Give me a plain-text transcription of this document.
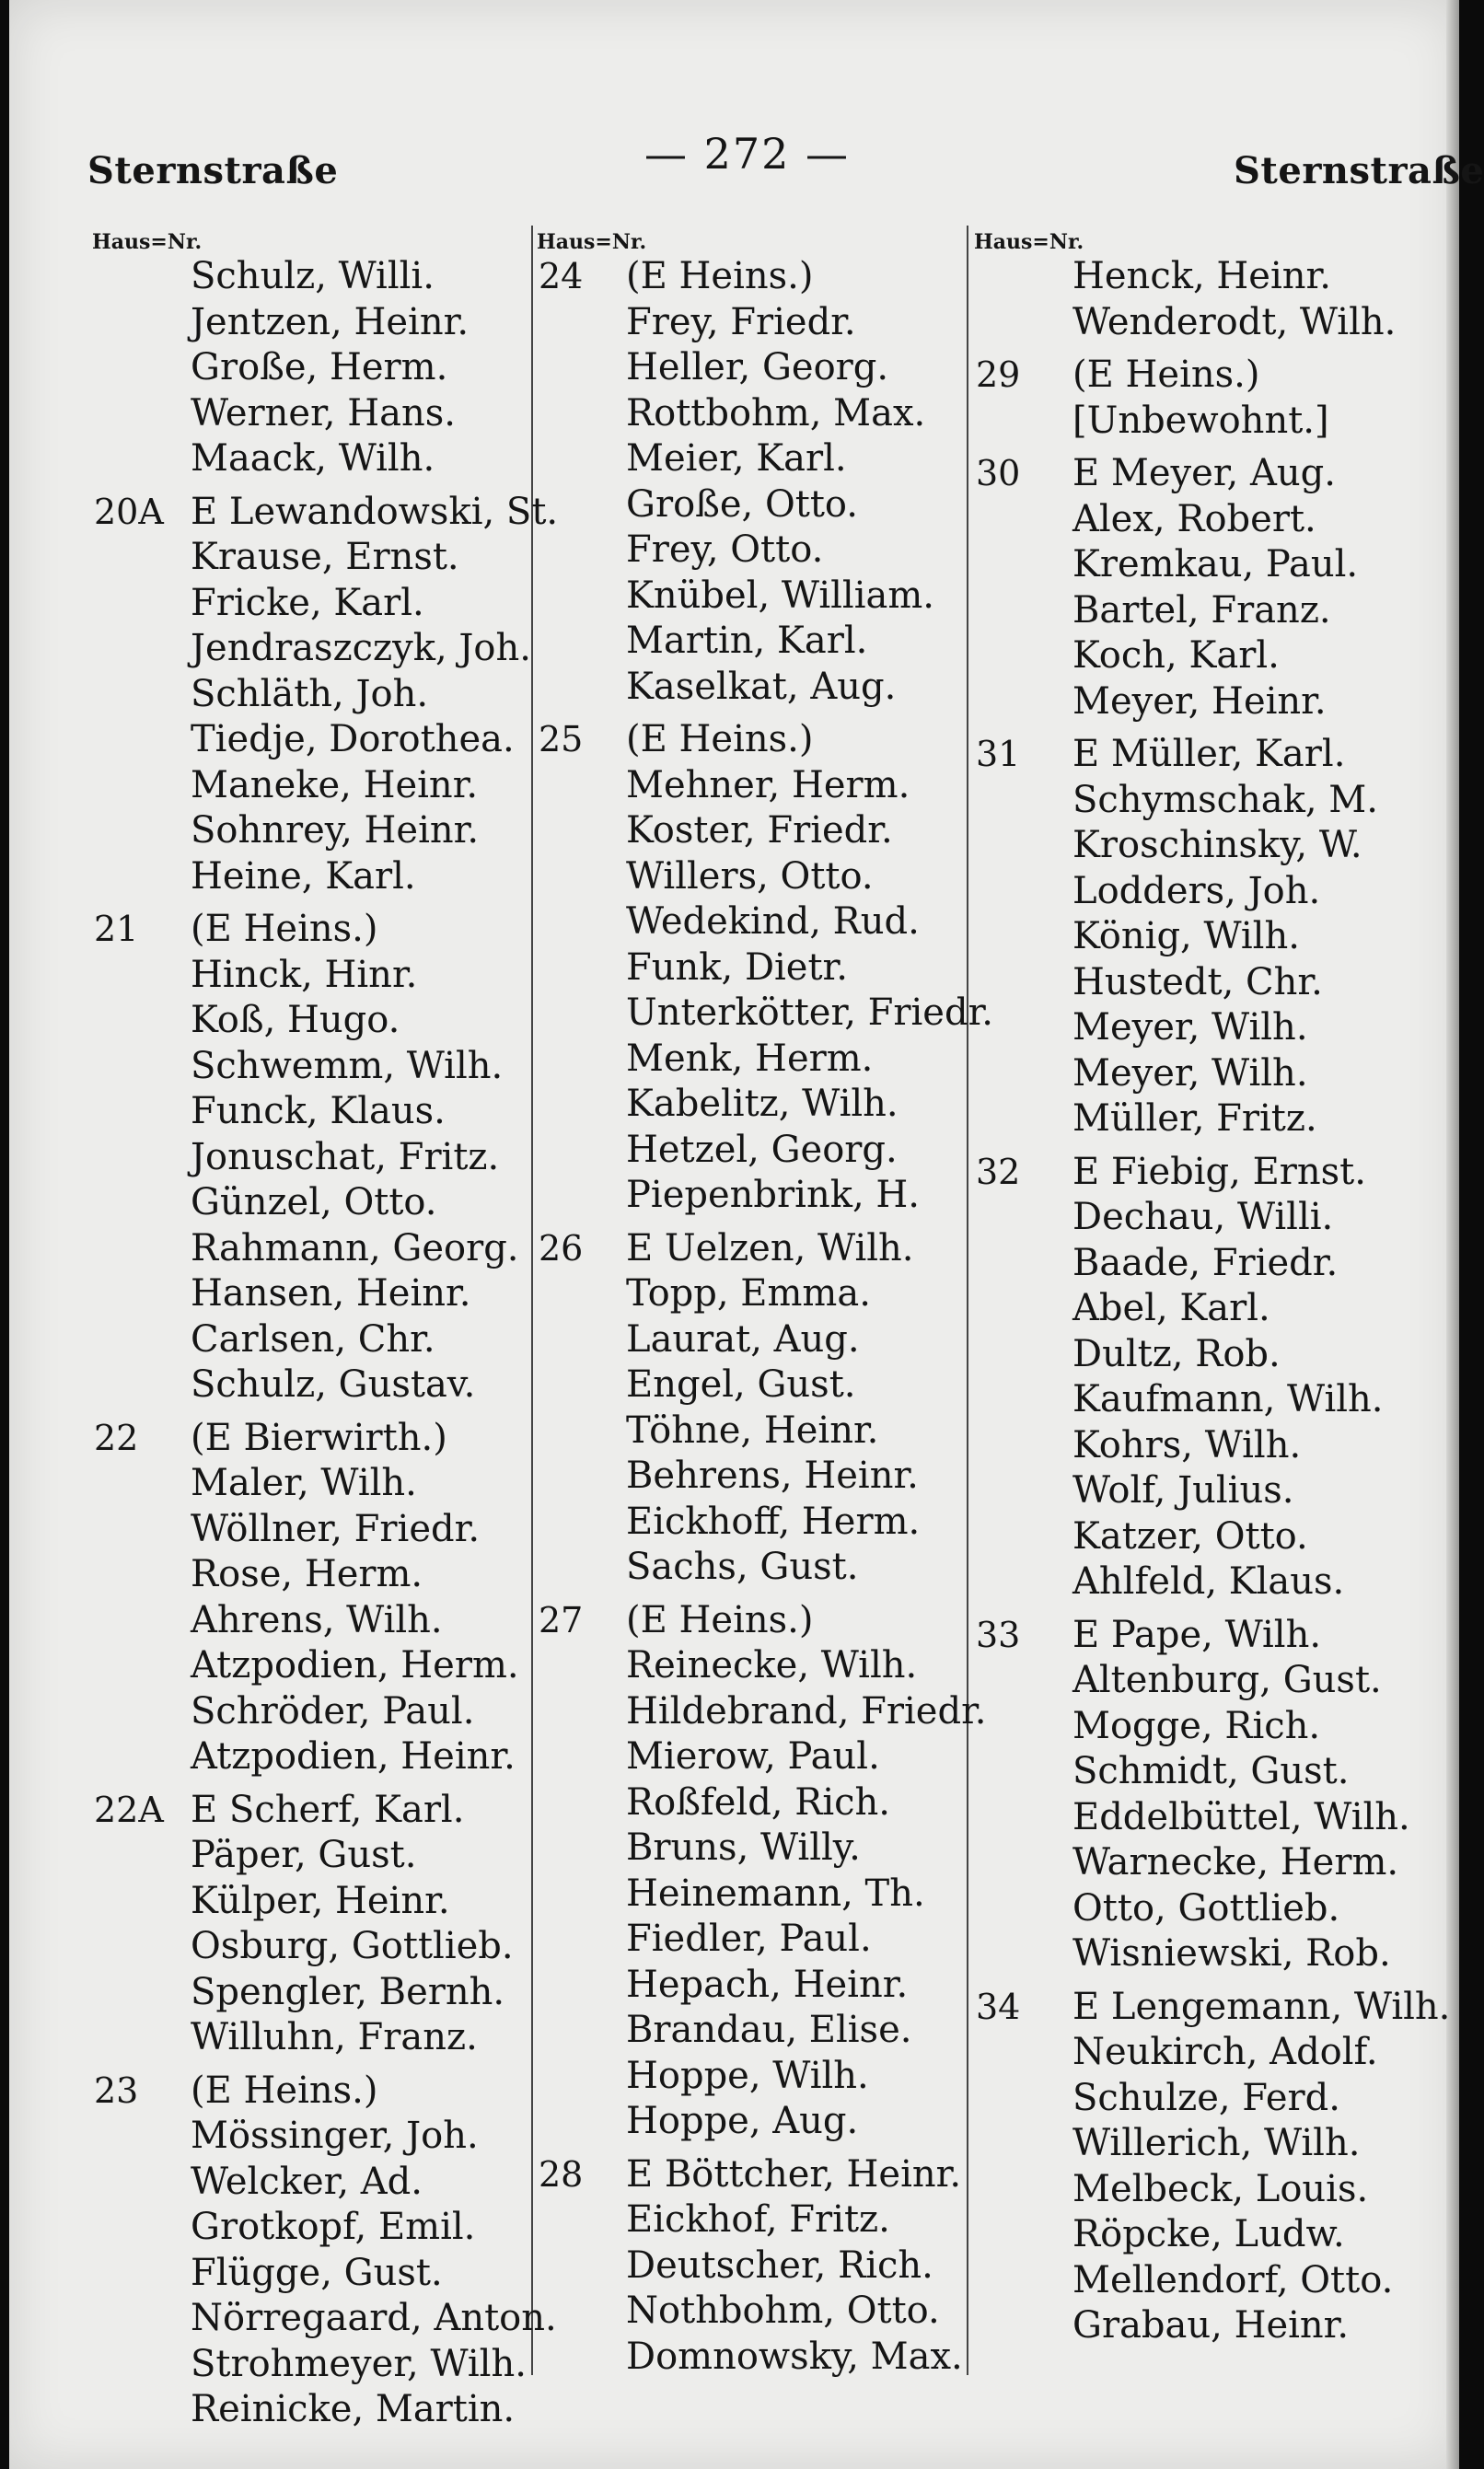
Sternstraße	— 272 —	Sternstraße
Haus=Nr.
Schulz, Willi.
Jentzen, Heinr.
Große, Herm.
Werner, Hans.
Maack, Wilh.
20A E Lewandowski, St.
Krause, Ernst.
Fricke, Karl.
Jendraszczyk, Joh.
Schläth, Joh.
Tiedje, Dorothea.
Maneke, Heinr.
Sohnrey, Heinr.
Heine, Karl.
21	(E Heins.)
Hinck, Hinr.
Koß, Hugo.
Schwemm, Wilh.
Funck, Klaus.
Jonuschat, Fritz.
Günzel, Otto.
Rahmann, Georg.
Hansen, Heinr.
Carlsen, Chr.
Schulz, Gustav.
22	(E Bierwirth.)
Maler, Wilh.
Wöllner, Friedr.
Rose, Herm.
Ahrens, Wilh.
Atzpodien, Herm.
Schröder, Paul.
Atzpodien, Heinr.
22A E Scherf, Karl.
Päper, Gust.
Külper, Heinr.
Osburg, Gottlieb.
Spengler, Bernh.
Willuhn, Franz.
23	(E Heins.)
Mössinger, Joh.
Welcker, Ad.
Grotkopf, Emil.
Flügge, Gust.
Nörregaard, Anton.
Strohmeyer, Wilh.
Reinicke, Martin.
Haus=Nr.
24	(E Heins.)
Frey, Friedr.
Heller, Georg.
Rottbohm, Max.
Meier, Karl.
Große, Otto.
Frey, Otto.
Knübel, William.
Martin, Karl.
Kaselkat, Aug.
25	(E Heins.)
Mehner, Herm.
Koster, Friedr.
Willers, Otto.
Wedekind, Rud.
Funk, Dietr.
Unterkötter, Friedr.
Menk, Herm.
Kabelitz, Wilh.
Hetzel, Georg.
Piepenbrink, H.
26	E Uelzen, Wilh.
Topp, Emma.
Laurat, Aug.
Engel, Gust.
Töhne, Heinr.
Behrens, Heinr.
Eickhoff, Herm.
Sachs, Gust.
27	(E Heins.)
Reinecke, Wilh.
Hildebrand, Friedr.
Mierow, Paul.
Roßfeld, Rich.
Bruns, Willy.
Heinemann, Th.
Fiedler, Paul.
Hepach, Heinr.
Brandau, Elise.
Hoppe, Wilh.
Hoppe, Aug.
28	E Böttcher, Heinr.
Eickhof, Fritz.
Deutscher, Rich.
Nothbohm, Otto.
Domnowsky, Max.
Haus=Nr.
Henck, Heinr.
Wenderodt, Wilh.
29	(E Heins.)
[Unbewohnt.]
30	E Meyer, Aug.
Alex, Robert.
Kremkau, Paul.
Bartel, Franz.
Koch, Karl.
Meyer, Heinr.
31	E Müller, Karl.
Schymschak, M.
Kroschinsky, W.
Lodders, Joh.
König, Wilh.
Hustedt, Chr.
Meyer, Wilh.
Meyer, Wilh.
Müller, Fritz.
32	E Fiebig, Ernst.
Dechau, Willi.
Baade, Friedr.
Abel, Karl.
Dultz, Rob.
Kaufmann, Wilh.
Kohrs, Wilh.
Wolf, Julius.
Katzer, Otto.
Ahlfeld, Klaus.
33	E Pape, Wilh.
Altenburg, Gust.
Mogge, Rich.
Schmidt, Gust.
Eddelbüttel, Wilh.
Warnecke, Herm.
Otto, Gottlieb.
Wisniewski, Rob.
34	E Lengemann, Wilh.
Neukirch, Adolf.
Schulze, Ferd.
Willerich, Wilh.
Melbeck, Louis.
Röpcke, Ludw.
Mellendorf, Otto.
Grabau, Heinr.
